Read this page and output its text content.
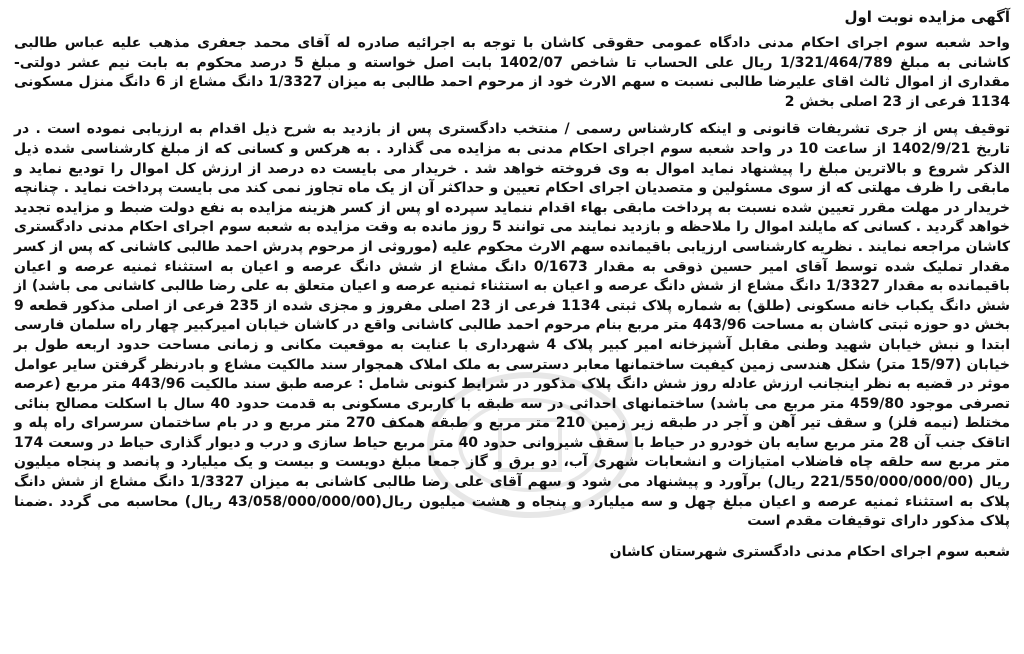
آگهی مزایده نوبت اول

واحد شعبه سوم اجرای احکام مدنی دادگاه عمومی حقوقی کاشان با توجه به اجرائیه صادره له آقای محمد جعفری مذهب علیه عباس طالبی کاشانی به مبلغ 1/321/464/789 ریال علی الحساب تا شاخص 1402/07 بابت اصل خواسته و مبلغ 5 درصد محکوم به بابت نیم عشر دولتی- مقداری از اموال ثالث اقای علیرضا طالبی نسبت ه سهم الارث خود از مرحوم احمد طالبی به میزان 1/3327 دانگ مشاع از 6 دانگ منزل مسکونی 1134 فرعی از 23 اصلی بخش 2

توقیف پس از جری تشریفات قانونی و اینکه کارشناس رسمی / منتخب دادگستری پس از بازدید به شرح ذیل اقدام به ارزیابی نموده است . در تاریخ 1402/9/21 از ساعت 10 در واحد شعبه سوم اجرای احکام مدنی به مزایده می گذارد . به هرکس و کسانی که از مبلغ کارشناسی شده ذیل الذکر شروع و بالاترین مبلغ را پیشنهاد نماید اموال به وی فروخته خواهد شد . خریدار می بایست ده درصد از ارزش کل اموال را تودیع نماید و مابقی را ظرف مهلتی که از سوی مسئولین و متصدیان اجرای احکام تعیین و حداکثر آن از یک ماه تجاوز نمی کند می بایست پرداخت نماید . چنانچه خریدار در مهلت مقرر تعیین شده نسبت به پرداخت مابقی بهاء اقدام ننماید سپرده او پس از کسر هزینه مزایده به نفع دولت ضبط و مزایده تجدید خواهد گردید . کسانی که مایلند اموال را ملاحظه و بازدید نمایند می توانند 5 روز مانده به وقت مزایده به شعبه سوم اجرای احکام مدنی دادگستری کاشان مراجعه نمایند . نظریه کارشناسی ارزیابی باقیمانده سهم الارث محکوم علیه (موروثی از مرحوم پدرش احمد طالبی کاشانی که پس از کسر مقدار تملیک شده توسط آقای امیر حسین ذوقی به مقدار 0/1673 دانگ مشاع از شش دانگ عرصه و اعیان به استثناء ثمنیه عرصه و اعیان باقیمانده به مقدار 1/3327 دانگ مشاع از شش دانگ عرصه و اعیان به استثناء ثمنیه عرصه و اعیان متعلق به علی رضا طالبی کاشانی می باشد) از شش دانگ یکباب خانه مسکونی (طلق) به شماره پلاک ثبتی 1134 فرعی از 23 اصلی مفروز و مجزی شده از 235 فرعی از اصلی مذکور قطعه 9 بخش دو حوزه ثبتی کاشان به مساحت 443/96 متر مربع بنام مرحوم احمد طالبی کاشانی واقع در کاشان خیابان امیرکبیر چهار راه سلمان فارسی ابتدا و نبش خیابان شهید وطنی مقابل آشپزخانه امیر کبیر پلاک 4 شهرداری با عنایت به موقعیت مکانی و زمانی مساحت حدود اربعه طول بر خیابان (15/97 متر) شکل هندسی زمین کیفیت ساختمانها معابر دسترسی به ملک املاک همجوار سند مالکیت مشاع و بادرنظر گرفتن سایر عوامل موثر در قضیه به نظر اینجانب ارزش عادله روز شش دانگ پلاک مذکور در شرایط کنونی شامل : عرصه طبق سند مالکیت 443/96 متر مربع (عرصه تصرفی موجود 459/80 متر مربع می باشد) ساختمانهای احداثی در سه طبقه با کاربری مسکونی به قدمت حدود 40 سال با اسکلت مصالح بنائی مختلط (نیمه فلز) و سقف تیر آهن و آجر در طبقه زیر زمین 210 متر مربع و طبقه همکف 270 متر مربع و در بام ساختمان سرسرای راه پله و اتاقک جنب آن 28 متر مربع سایه بان خودرو در حیاط با سقف شیروانی حدود 40 متر مربع حیاط سازی و درب و دیوار گذاری حیاط در وسعت 174 متر مربع سه حلقه چاه فاضلاب امتیازات و انشعابات شهری آب، دو برق و گاز جمعا مبلغ دویست و بیست و یک میلیارد و پانصد و پنجاه میلیون ریال (221/550/000/000/00 ریال) برآورد و پیشنهاد می شود و سهم آقای علی رضا طالبی کاشانی به میزان 1/3327 دانگ مشاع از شش دانگ پلاک به استثناء ثمنیه عرصه و اعیان مبلغ چهل و سه میلیارد و پنجاه و هشت میلیون ریال(43/058/000/000/00 ریال) محاسبه می گردد .ضمنا پلاک مذکور دارای توقیفات مقدم است

شعبه سوم اجرای احکام مدنی دادگستری شهرستان کاشان
